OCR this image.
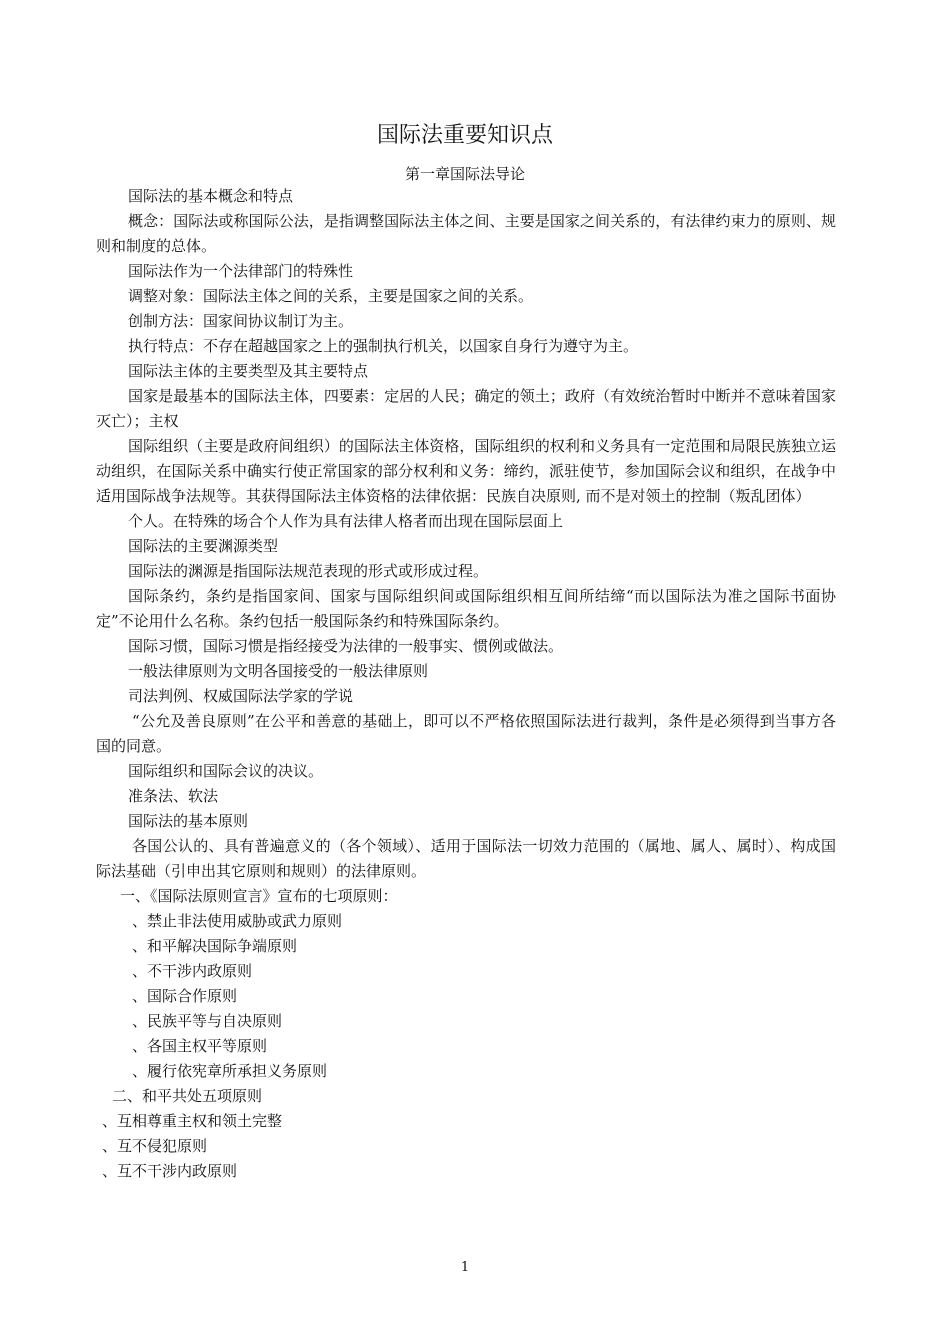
国际法重要知识点
第一章国际法导论

国际法的基本概念和特点

概念：国际法或称国际公法，是指调整国际法主体之间、主要是国家之间关系的，有法律约束力的原则、规则和制度的总体。

国际法作为一个法律部门的特殊性

调整对象：国际法主体之间的关系，主要是国家之间的关系。

创制方法：国家间协议制订为主。

执行特点：不存在超越国家之上的强制执行机关，以国家自身行为遵守为主。

国际法主体的主要类型及其主要特点

国家是最基本的国际法主体，四要素：定居的人民；确定的领土；政府（有效统治暂时中断并不意味着国家灭亡）；主权

国际组织（主要是政府间组织）的国际法主体资格，国际组织的权利和义务具有一定范围和局限民族独立运动组织，在国际关系中确实行使正常国家的部分权利和义务：缔约，派驻使节，参加国际会议和组织，在战争中适用国际战争法规等。其获得国际法主体资格的法律依据：民族自决原则, 而不是对领土的控制（叛乱团体）

个人。在特殊的场合个人作为具有法律人格者而出现在国际层面上

国际法的主要渊源类型

国际法的渊源是指国际法规范表现的形式或形成过程。

国际条约，条约是指国家间、国家与国际组织间或国际组织相互间所结缔“而以国际法为准之国际书面协定”不论用什么名称。条约包括一般国际条约和特殊国际条约。

国际习惯，国际习惯是指经接受为法律的一般事实、惯例或做法。

一般法律原则为文明各国接受的一般法律原则

司法判例、权威国际法学家的学说

“公允及善良原则”在公平和善意的基础上，即可以不严格依照国际法进行裁判，条件是必须得到当事方各国的同意。

国际组织和国际会议的决议。

准条法、软法

国际法的基本原则

各国公认的、具有普遍意义的（各个领域）、适用于国际法一切效力范围的（属地、属人、属时）、构成国际法基础（引申出其它原则和规则）的法律原则。

一、《国际法原则宣言》宣布的七项原则：

、禁止非法使用威胁或武力原则

、和平解决国际争端原则

、不干涉内政原则

、国际合作原则

、民族平等与自决原则

、各国主权平等原则

、履行依宪章所承担义务原则

二、和平共处五项原则

、互相尊重主权和领土完整

、互不侵犯原则

、互不干涉内政原则

1
